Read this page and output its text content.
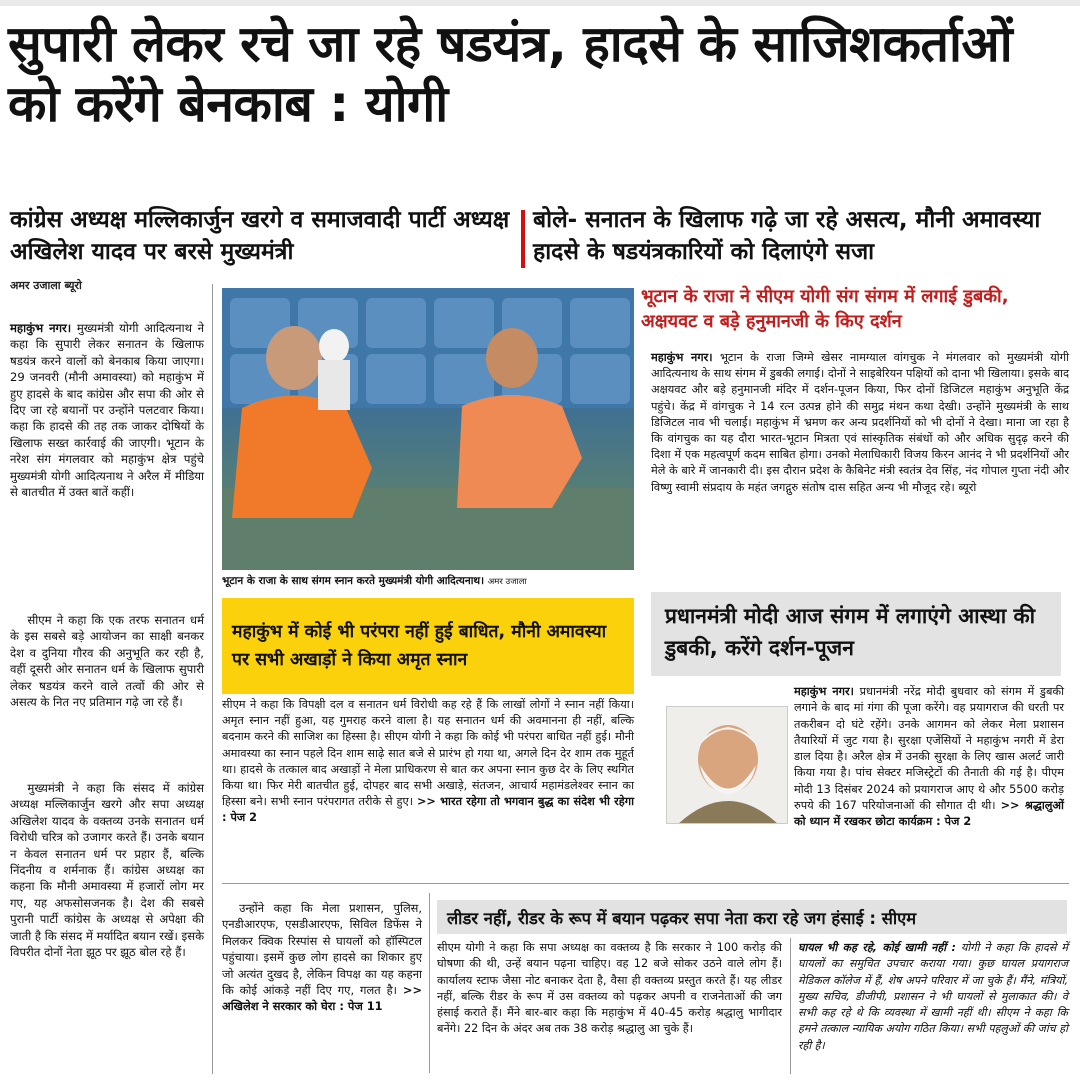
सुपारी लेकर रचे जा रहे षडयंत्र, हादसे के साजिशकर्ताओं को करेंगे बेनकाब : योगी
कांग्रेस अध्यक्ष मल्लिकार्जुन खरगे व समाजवादी पार्टी अध्यक्ष अखिलेश यादव पर बरसे मुख्यमंत्री
बोले- सनातन के खिलाफ गढ़े जा रहे असत्य, मौनी अमावस्या हादसे के षडयंत्रकारियों को दिलाएंगे सजा
अमर उजाला ब्यूरो
महाकुंभ नगर। मुख्यमंत्री योगी आदित्यनाथ ने कहा कि सुपारी लेकर सनातन के खिलाफ षडयंत्र करने वालों को बेनकाब किया जाएगा। 29 जनवरी (मौनी अमावस्या) को महाकुंभ में हुए हादसे के बाद कांग्रेस और सपा की ओर से दिए जा रहे बयानों पर उन्होंने पलटवार किया। कहा कि हादसे की तह तक जाकर दोषियों के खिलाफ सख्त कार्रवाई की जाएगी। भूटान के नरेश संग मंगलवार को महाकुंभ क्षेत्र पहुंचे मुख्यमंत्री योगी आदित्यनाथ ने अरैल में मीडिया से बातचीत में उक्त बातें कहीं।
सीएम ने कहा कि एक तरफ सनातन धर्म के इस सबसे बड़े आयोजन का साक्षी बनकर देश व दुनिया गौरव की अनुभूति कर रही है, वहीं दूसरी ओर सनातन धर्म के खिलाफ सुपारी लेकर षडयंत्र करने वाले तत्वों की ओर से असत्य के नित नए प्रतिमान गढ़े जा रहे हैं।
मुख्यमंत्री ने कहा कि संसद में कांग्रेस अध्यक्ष मल्लिकार्जुन खरगे और सपा अध्यक्ष अखिलेश यादव के वक्तव्य उनके सनातन धर्म विरोधी चरित्र को उजागर करते हैं। उनके बयान न केवल सनातन धर्म पर प्रहार हैं, बल्कि निंदनीय व शर्मनाक हैं। कांग्रेस अध्यक्ष का कहना कि मौनी अमावस्या में हजारों लोग मर गए, यह अफसोसजनक है। देश की सबसे पुरानी पार्टी कांग्रेस के अध्यक्ष से अपेक्षा की जाती है कि संसद में मर्यादित बयान रखें। इसके विपरीत दोनों नेता झूठ पर झूठ बोल रहे हैं।
भूटान के राजा के साथ संगम स्नान करते मुख्यमंत्री योगी आदित्यनाथ। अमर उजाला
भूटान के राजा ने सीएम योगी संग संगम में लगाई डुबकी, अक्षयवट व बड़े हनुमानजी के किए दर्शन
महाकुंभ नगर। भूटान के राजा जिग्मे खेसर नामग्याल वांगचुक ने मंगलवार को मुख्यमंत्री योगी आदित्यनाथ के साथ संगम में डुबकी लगाई। दोनों ने साइबेरियन पक्षियों को दाना भी खिलाया। इसके बाद अक्षयवट और बड़े हनुमानजी मंदिर में दर्शन-पूजन किया, फिर दोनों डिजिटल महाकुंभ अनुभूति केंद्र पहुंचे। केंद्र में वांगचुक ने 14 रत्न उत्पन्न होने की समुद्र मंथन कथा देखी। उन्होंने मुख्यमंत्री के साथ डिजिटल नाव भी चलाई। महाकुंभ में भ्रमण कर अन्य प्रदर्शनियों को भी दोनों ने देखा। माना जा रहा है कि वांगचुक का यह दौरा भारत-भूटान मित्रता एवं सांस्कृतिक संबंधों को और अधिक सुदृढ़ करने की दिशा में एक महत्वपूर्ण कदम साबित होगा। उनको मेलाधिकारी विजय किरन आनंद ने भी प्रदर्शनियों और मेले के बारे में जानकारी दी। इस दौरान प्रदेश के कैबिनेट मंत्री स्वतंत्र देव सिंह, नंद गोपाल गुप्ता नंदी और विष्णु स्वामी संप्रदाय के महंत जगद्गुरु संतोष दास सहित अन्य भी मौजूद रहे। ब्यूरो
महाकुंभ में कोई भी परंपरा नहीं हुई बाधित, मौनी अमावस्या पर सभी अखाड़ों ने किया अमृत स्नान
सीएम ने कहा कि विपक्षी दल व सनातन धर्म विरोधी कह रहे हैं कि लाखों लोगों ने स्नान नहीं किया। अमृत स्नान नहीं हुआ, यह गुमराह करने वाला है। यह सनातन धर्म की अवमानना ही नहीं, बल्कि बदनाम करने की साजिश का हिस्सा है। सीएम योगी ने कहा कि कोई भी परंपरा बाधित नहीं हुई। मौनी अमावस्या का स्नान पहले दिन शाम साढ़े सात बजे से प्रारंभ हो गया था, अगले दिन देर शाम तक मुहूर्त था। हादसे के तत्काल बाद अखाड़ों ने मेला प्राधिकरण से बात कर अपना स्नान कुछ देर के लिए स्थगित किया था। फिर मेरी बातचीत हुई, दोपहर बाद सभी अखाड़े, संतजन, आचार्य महामंडलेश्वर स्नान का हिस्सा बने। सभी स्नान परंपरागत तरीके से हुए। >> भारत रहेगा तो भगवान बुद्ध का संदेश भी रहेगा : पेज 2
प्रधानमंत्री मोदी आज संगम में लगाएंगे आस्था की डुबकी, करेंगे दर्शन-पूजन
महाकुंभ नगर। प्रधानमंत्री नरेंद्र मोदी बुधवार को संगम में डुबकी लगाने के बाद मां गंगा की पूजा करेंगे। वह प्रयागराज की धरती पर तकरीबन दो घंटे रहेंगे। उनके आगमन को लेकर मेला प्रशासन तैयारियों में जुट गया है। सुरक्षा एजेंसियों ने महाकुंभ नगरी में डेरा डाल दिया है। अरैल क्षेत्र में उनकी सुरक्षा के लिए खास अलर्ट जारी किया गया है। पांच सेक्टर मजिस्ट्रेटों की तैनाती की गई है। पीएम मोदी 13 दिसंबर 2024 को प्रयागराज आए थे और 5500 करोड़ रुपये की 167 परियोजनाओं की सौगात दी थी। >> श्रद्धालुओं को ध्यान में रखकर छोटा कार्यक्रम : पेज 2
उन्होंने कहा कि मेला प्रशासन, पुलिस, एनडीआरएफ, एसडीआरएफ, सिविल डिफेंस ने मिलकर क्विक रिस्पांस से घायलों को हॉस्पिटल पहुंचाया। इसमें कुछ लोग हादसे का शिकार हुए जो अत्यंत दुखद है, लेकिन विपक्ष का यह कहना कि कोई आंकड़े नहीं दिए गए, गलत है। >> अखिलेश ने सरकार को घेरा : पेज 11
लीडर नहीं, रीडर के रूप में बयान पढ़कर सपा नेता करा रहे जग हंसाई : सीएम
सीएम योगी ने कहा कि सपा अध्यक्ष का वक्तव्य है कि सरकार ने 100 करोड़ की घोषणा की थी, उन्हें बयान पढ़ना चाहिए। वह 12 बजे सोकर उठने वाले लोग हैं। कार्यालय स्टाफ जैसा नोट बनाकर देता है, वैसा ही वक्तव्य प्रस्तुत करते हैं। यह लीडर नहीं, बल्कि रीडर के रूप में उस वक्तव्य को पढ़कर अपनी व राजनेताओं की जग हंसाई कराते हैं। मैंने बार-बार कहा कि महाकुंभ में 40-45 करोड़ श्रद्धालु भागीदार बनेंगे। 22 दिन के अंदर अब तक 38 करोड़ श्रद्धालु आ चुके हैं।
घायल भी कह रहे, कोई खामी नहीं : योगी ने कहा कि हादसे में घायलों का समुचित उपचार कराया गया। कुछ घायल प्रयागराज मेडिकल कॉलेज में हैं, शेष अपने परिवार में जा चुके हैं। मैंने, मंत्रियों, मुख्य सचिव, डीजीपी, प्रशासन ने भी घायलों से मुलाकात की। वे सभी कह रहे थे कि व्यवस्था में खामी नहीं थी। सीएम ने कहा कि हमने तत्काल न्यायिक अयोग गठित किया। सभी पहलुओं की जांच हो रही है।
